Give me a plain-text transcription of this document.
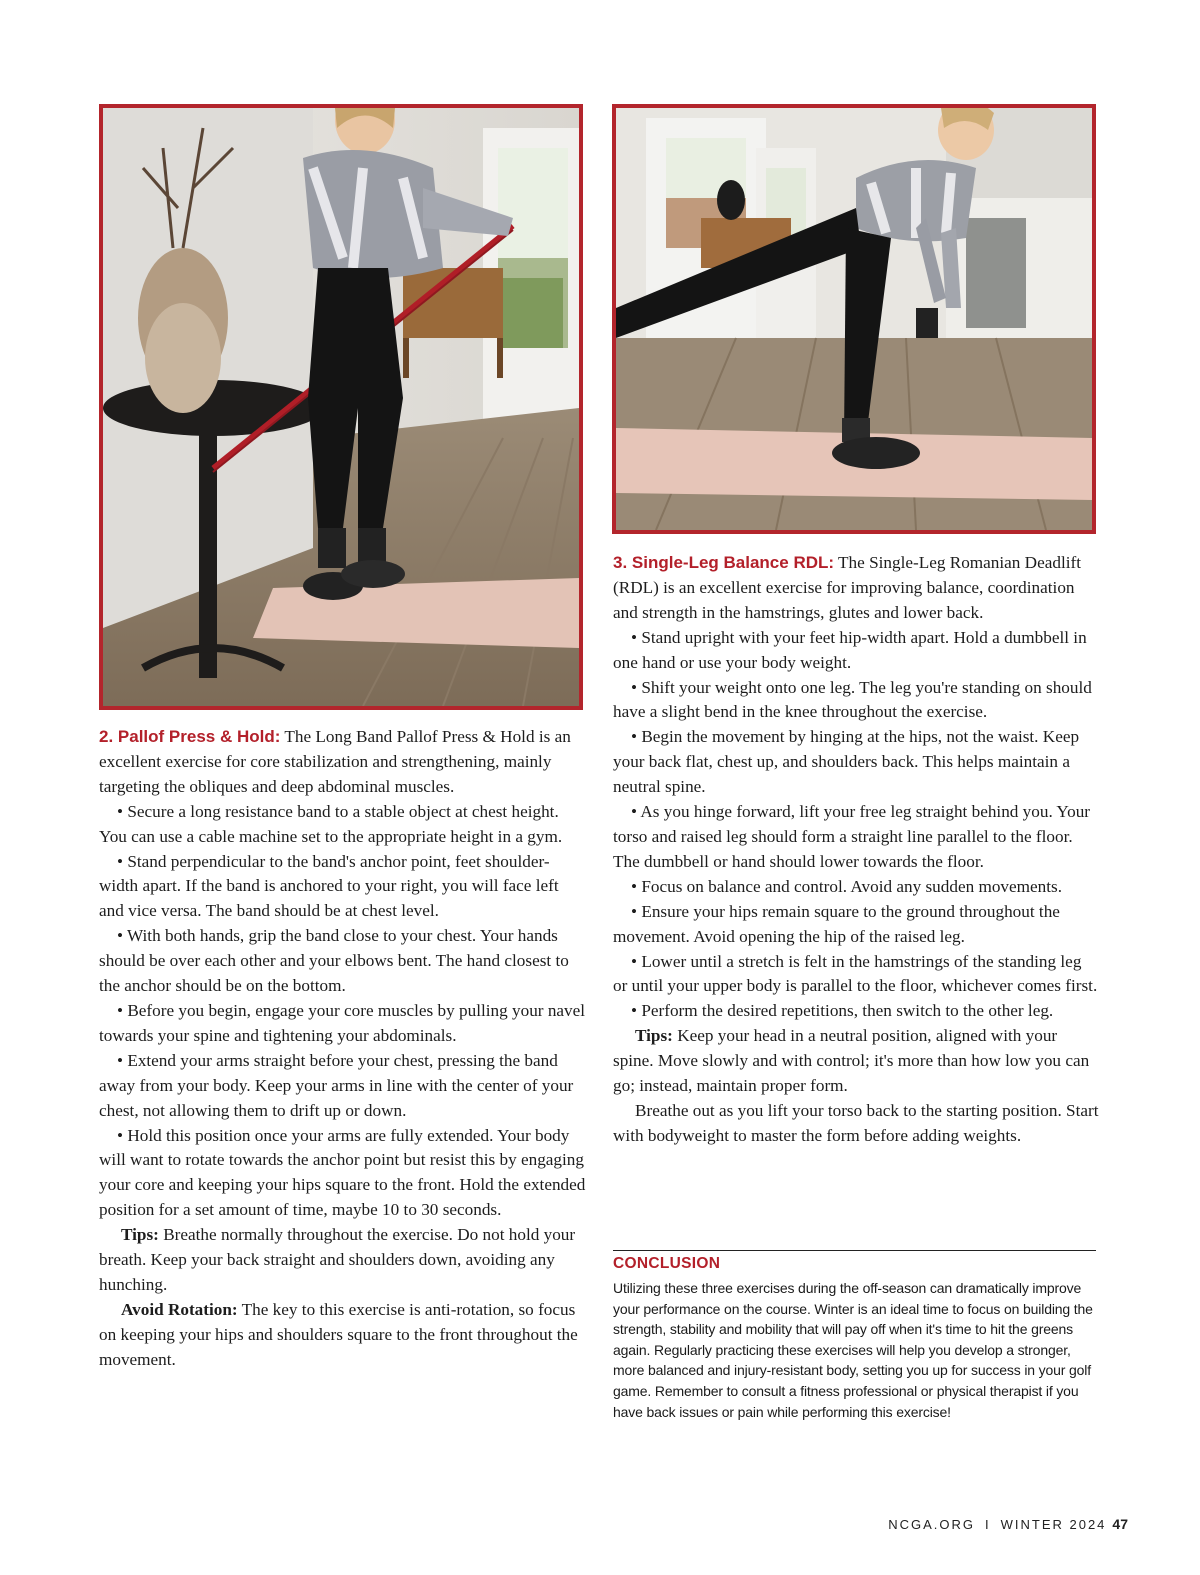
2. Pallof Press & Hold: The Long Band Pallof Press & Hold is an excellent exercise for core stabilization and strengthening, mainly targeting the obliques and deep abdominal muscles.

• Secure a long resistance band to a stable object at chest height. You can use a cable machine set to the appropriate height in a gym.

• Stand perpendicular to the band's anchor point, feet shoulder-width apart. If the band is anchored to your right, you will face left and vice versa. The band should be at chest level.

• With both hands, grip the band close to your chest. Your hands should be over each other and your elbows bent. The hand closest to the anchor should be on the bottom.

• Before you begin, engage your core muscles by pulling your navel towards your spine and tightening your abdominals.

• Extend your arms straight before your chest, pressing the band away from your body. Keep your arms in line with the center of your chest, not allowing them to drift up or down.

• Hold this position once your arms are fully extended. Your body will want to rotate towards the anchor point but resist this by engaging your core and keeping your hips square to the front. Hold the extended position for a set amount of time, maybe 10 to 30 seconds.

Tips: Breathe normally throughout the exercise. Do not hold your breath. Keep your back straight and shoulders down, avoiding any hunching.

Avoid Rotation: The key to this exercise is anti-rotation, so focus on keeping your hips and shoulders square to the front throughout the movement.

3. Single-Leg Balance RDL: The Single-Leg Romanian Deadlift (RDL) is an excellent exercise for improving balance, coordination and strength in the hamstrings, glutes and lower back.

• Stand upright with your feet hip-width apart. Hold a dumbbell in one hand or use your body weight.

• Shift your weight onto one leg. The leg you're standing on should have a slight bend in the knee throughout the exercise.

• Begin the movement by hinging at the hips, not the waist. Keep your back flat, chest up, and shoulders back. This helps maintain a neutral spine.

• As you hinge forward, lift your free leg straight behind you. Your torso and raised leg should form a straight line parallel to the floor. The dumbbell or hand should lower towards the floor.

• Focus on balance and control. Avoid any sudden movements.

• Ensure your hips remain square to the ground throughout the movement. Avoid opening the hip of the raised leg.

• Lower until a stretch is felt in the hamstrings of the standing leg or until your upper body is parallel to the floor, whichever comes first.

• Perform the desired repetitions, then switch to the other leg.

Tips: Keep your head in a neutral position, aligned with your spine. Move slowly and with control; it's more than how low you can go; instead, maintain proper form.

Breathe out as you lift your torso back to the starting position. Start with bodyweight to master the form before adding weights.

CONCLUSION
Utilizing these three exercises during the off-season can dramatically improve your performance on the course. Winter is an ideal time to focus on building the strength, stability and mobility that will pay off when it's time to hit the greens again. Regularly practicing these exercises will help you develop a stronger, more balanced and injury-resistant body, setting you up for success in your golf game. Remember to consult a fitness professional or physical therapist if you have back issues or pain while performing this exercise!
NCGA.ORG I WINTER 2024 47
